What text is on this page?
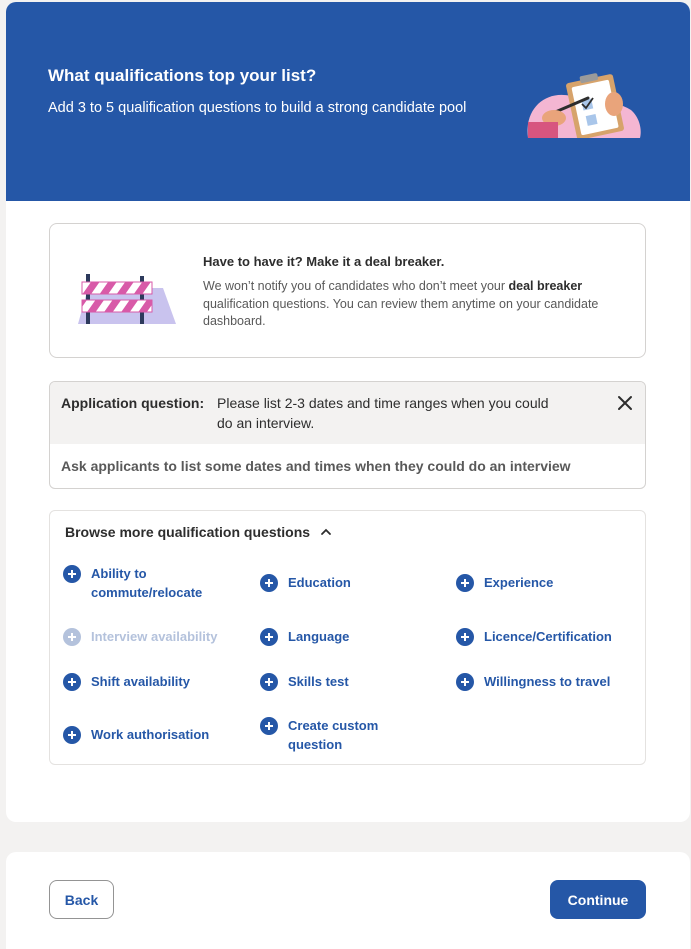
What qualifications top your list?
Add 3 to 5 qualification questions to build a strong candidate pool
Have to have it? Make it a deal breaker.
We won’t notify you of candidates who don’t meet your deal breaker qualification questions. You can review them anytime on your candidate dashboard.
Application question: Please list 2-3 dates and time ranges when you could do an interview.
Ask applicants to list some dates and times when they could do an interview
Browse more qualification questions
Ability to commute/relocate
Education	Experience
Interview availability	Language	Licence/Certification
Shift availability	Skills test	Willingness to travel
Work authorisation
Create custom question
Back	Continue
